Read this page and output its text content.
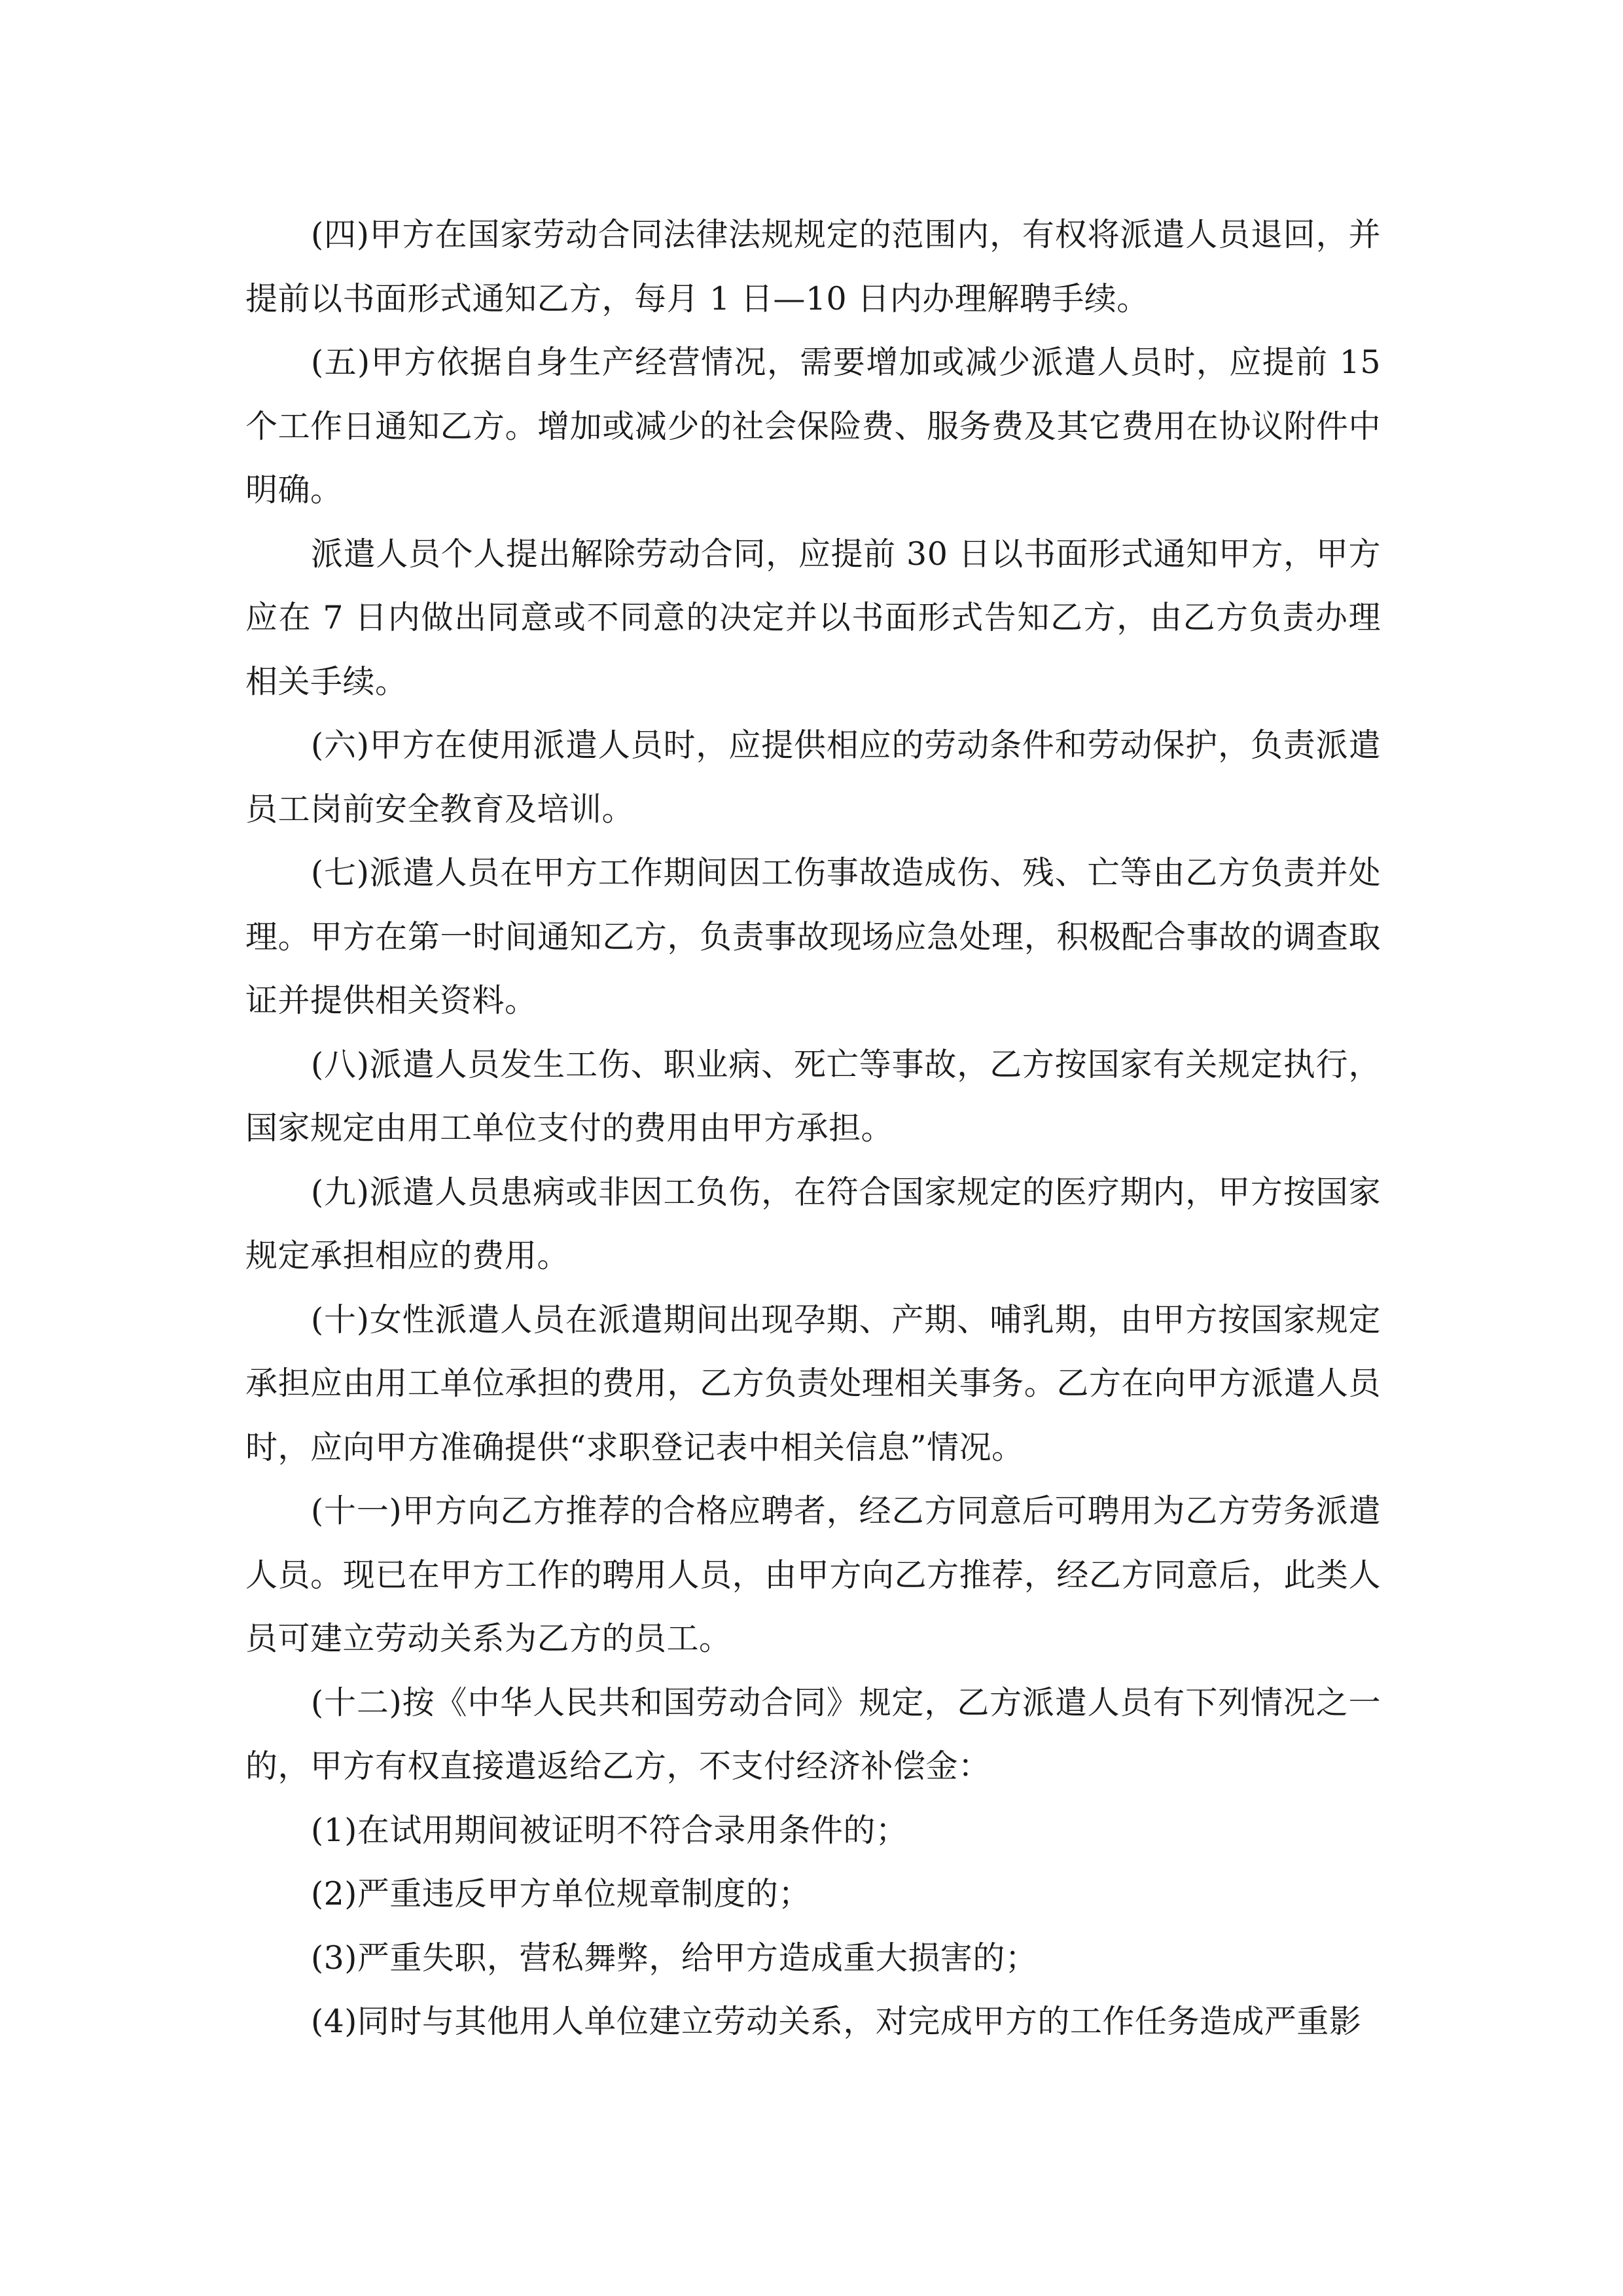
(四)甲方在国家劳动合同法律法规规定的范围内，有权将派遣人员退回，并提前以书面形式通知乙方，每月 1 日—10 日内办理解聘手续。

(五)甲方依据自身生产经营情况，需要增加或减少派遣人员时，应提前 15 个工作日通知乙方。增加或减少的社会保险费、服务费及其它费用在协议附件中明确。

派遣人员个人提出解除劳动合同，应提前 30 日以书面形式通知甲方，甲方应在 7 日内做出同意或不同意的决定并以书面形式告知乙方，由乙方负责办理相关手续。

(六)甲方在使用派遣人员时，应提供相应的劳动条件和劳动保护，负责派遣员工岗前安全教育及培训。

(七)派遣人员在甲方工作期间因工伤事故造成伤、残、亡等由乙方负责并处理。甲方在第一时间通知乙方，负责事故现场应急处理，积极配合事故的调查取证并提供相关资料。

(八)派遣人员发生工伤、职业病、死亡等事故，乙方按国家有关规定执行，国家规定由用工单位支付的费用由甲方承担。

(九)派遣人员患病或非因工负伤，在符合国家规定的医疗期内，甲方按国家规定承担相应的费用。

(十)女性派遣人员在派遣期间出现孕期、产期、哺乳期，由甲方按国家规定承担应由用工单位承担的费用，乙方负责处理相关事务。乙方在向甲方派遣人员时，应向甲方准确提供“求职登记表中相关信息”情况。

(十一)甲方向乙方推荐的合格应聘者，经乙方同意后可聘用为乙方劳务派遣人员。现已在甲方工作的聘用人员，由甲方向乙方推荐，经乙方同意后，此类人员可建立劳动关系为乙方的员工。

(十二)按《中华人民共和国劳动合同》规定，乙方派遣人员有下列情况之一的，甲方有权直接遣返给乙方，不支付经济补偿金：

(1)在试用期间被证明不符合录用条件的；

(2)严重违反甲方单位规章制度的；

(3)严重失职，营私舞弊，给甲方造成重大损害的；

(4)同时与其他用人单位建立劳动关系，对完成甲方的工作任务造成严重影
